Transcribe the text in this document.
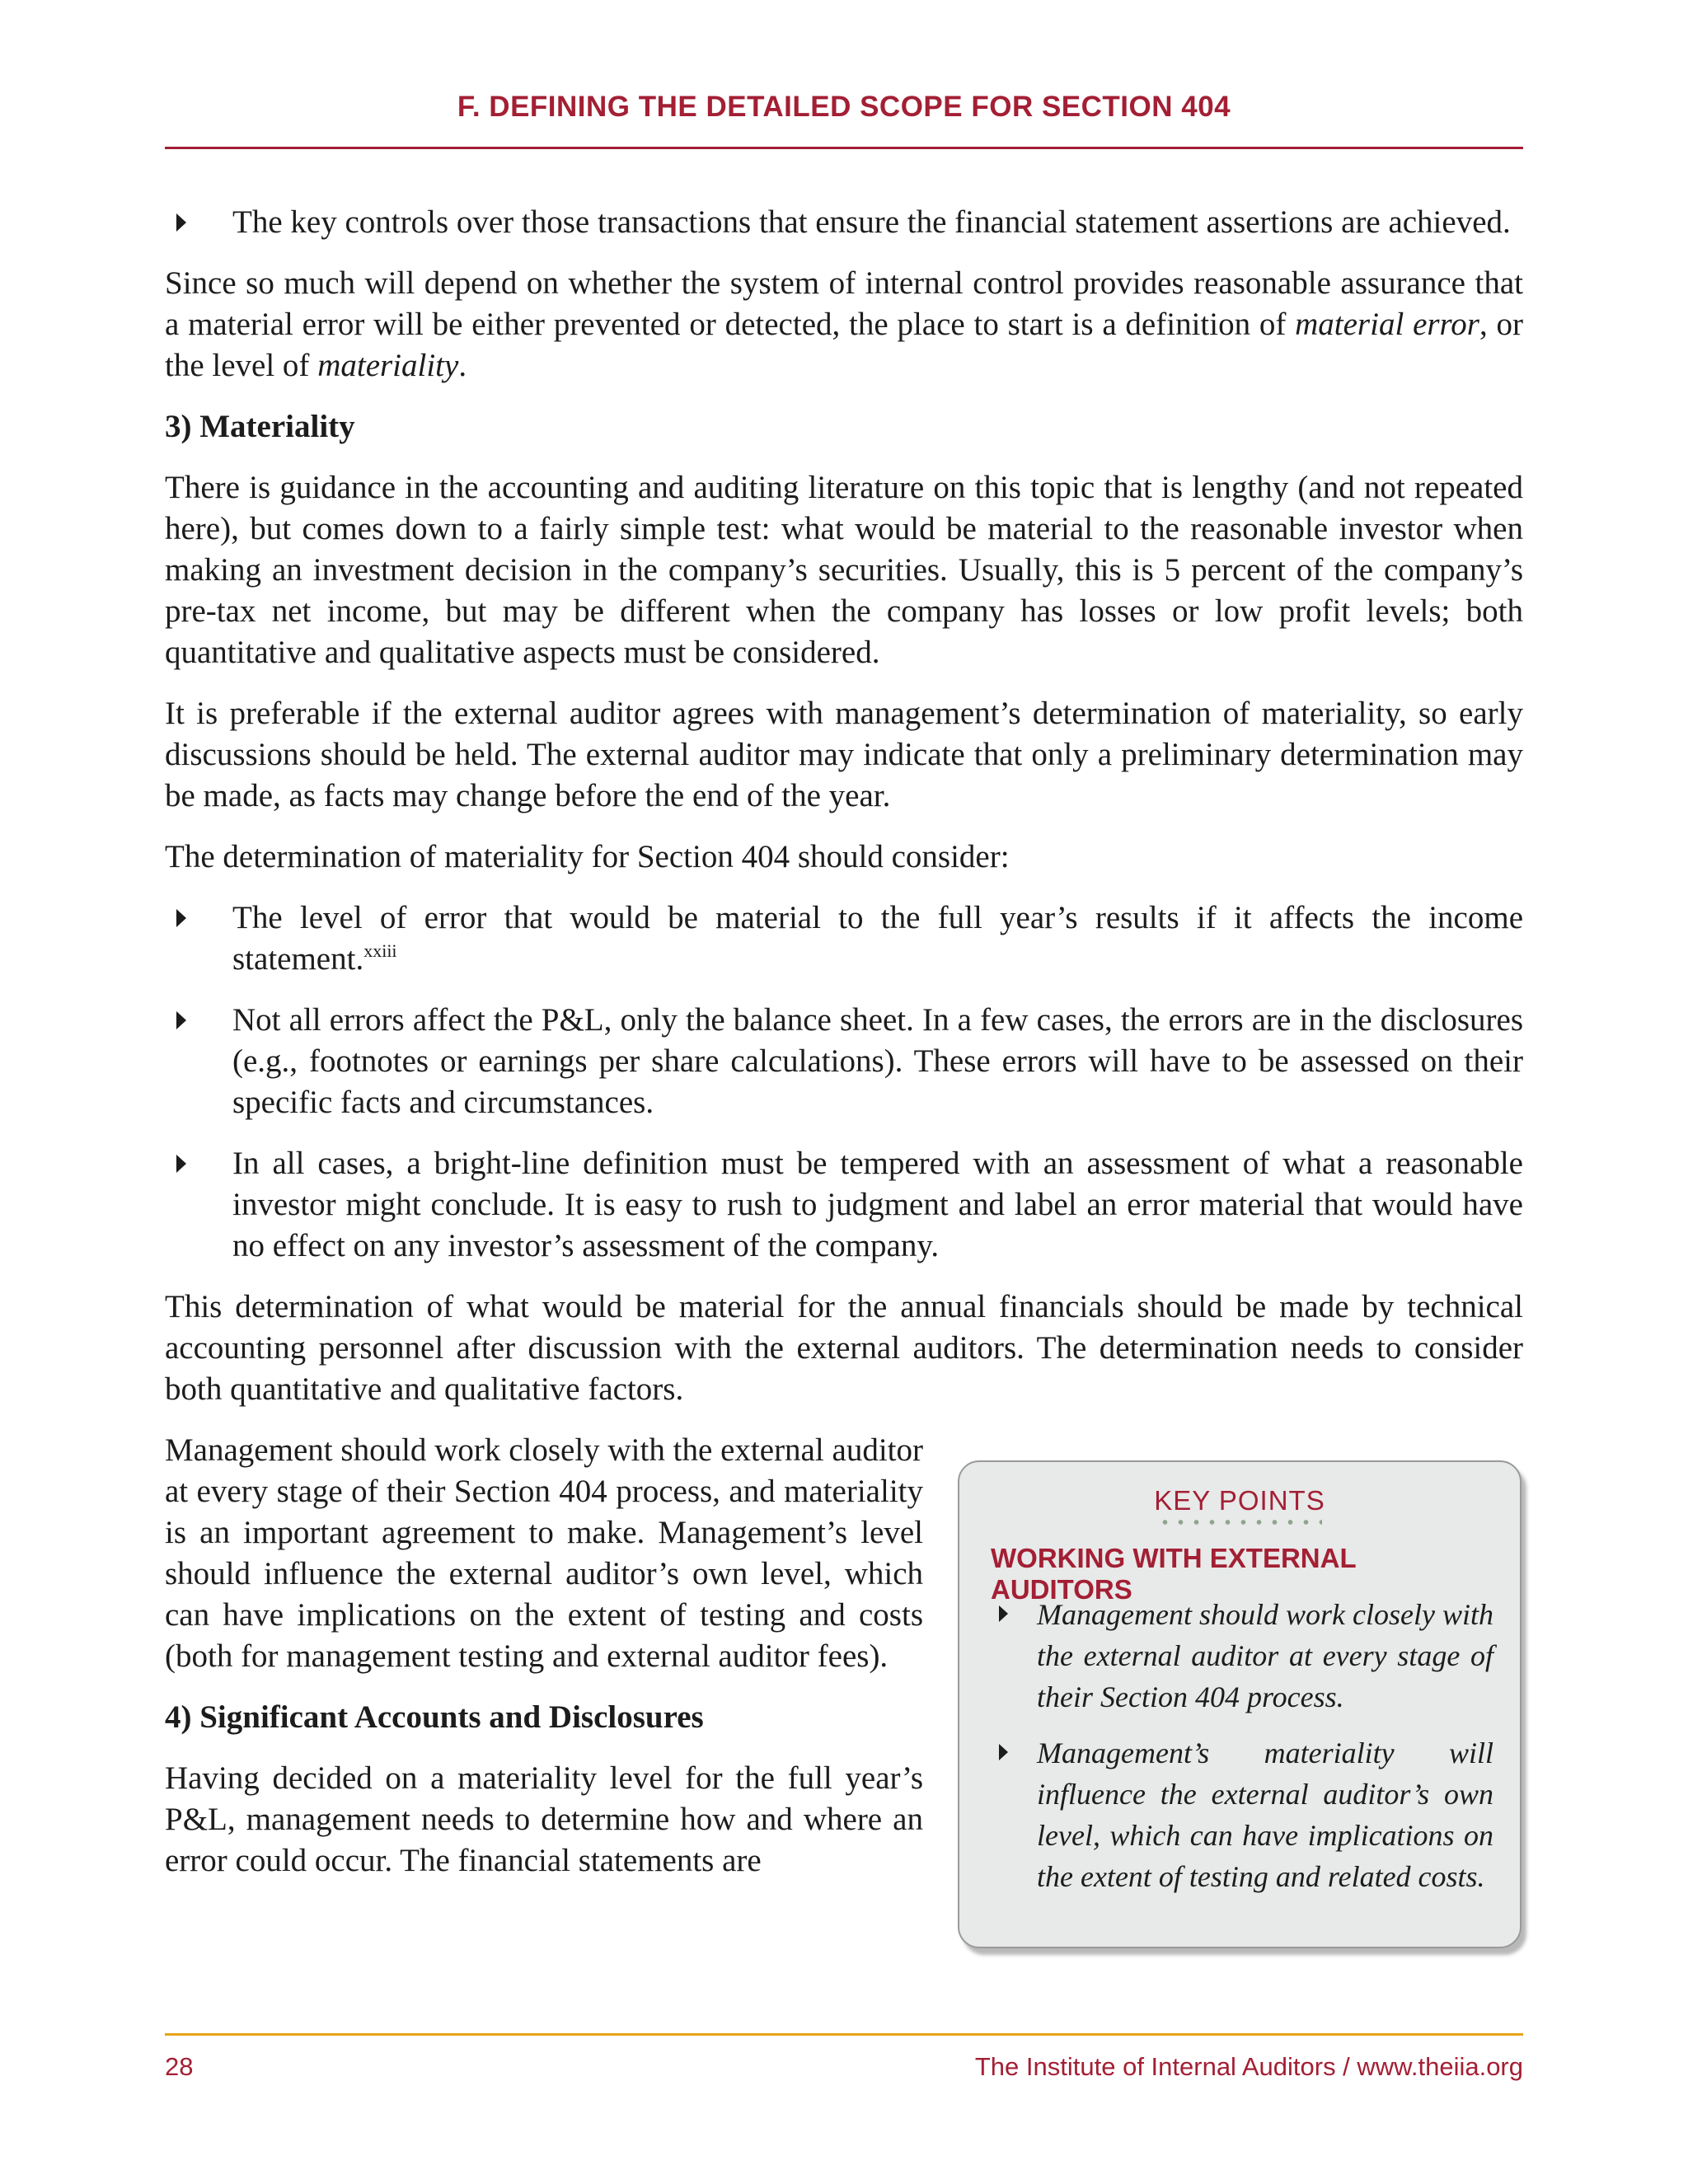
F. DEFINING THE DETAILED SCOPE FOR SECTION 404
The key controls over those transactions that ensure the financial statement assertions are achieved.

Since so much will depend on whether the system of internal control provides reasonable assurance that a material error will be either prevented or detected, the place to start is a definition of material error, or the level of materiality.

3) Materiality

There is guidance in the accounting and auditing literature on this topic that is lengthy (and not repeated here), but comes down to a fairly simple test: what would be material to the reasonable investor when making an investment decision in the company’s securities. Usually, this is 5 percent of the company’s pre-tax net income, but may be different when the company has losses or low profit levels; both quantitative and qualitative aspects must be considered.

It is preferable if the external auditor agrees with management’s determination of materiality, so early discussions should be held. The external auditor may indicate that only a preliminary determination may be made, as facts may change before the end of the year.

The determination of materiality for Section 404 should consider:

The level of error that would be material to the full year’s results if it affects the income statement.$^{xxiii}$
Not all errors affect the P&L, only the balance sheet. In a few cases, the errors are in the disclosures (e.g., footnotes or earnings per share calculations). These errors will have to be assessed on their specific facts and circumstances.
In all cases, a bright-line definition must be tempered with an assessment of what a reasonable investor might conclude. It is easy to rush to judgment and label an error material that would have no effect on any investor’s assessment of the company.

This determination of what would be material for the annual financials should be made by technical accounting personnel after discussion with the external auditors. The determination needs to consider both quantitative and qualitative factors.

Management should work closely with the external auditor at every stage of their Section 404 process, and materiality is an important agreement to make. Management’s level should influence the external auditor’s own level, which can have implications on the extent of testing and costs (both for management testing and external auditor fees).

4) Significant Accounts and Disclosures

Having decided on a materiality level for the full year’s P&L, management needs to determine how and where an error could occur. The financial statements are

KEY POINTS
WORKING WITH EXTERNAL AUDITORS
Management should work closely with the external auditor at every stage of their Section 404 process.
Management’s materiality will influence the external auditor’s own level, which can have implications on the extent of testing and related costs.
28	The Institute of Internal Auditors / www.theiia.org
